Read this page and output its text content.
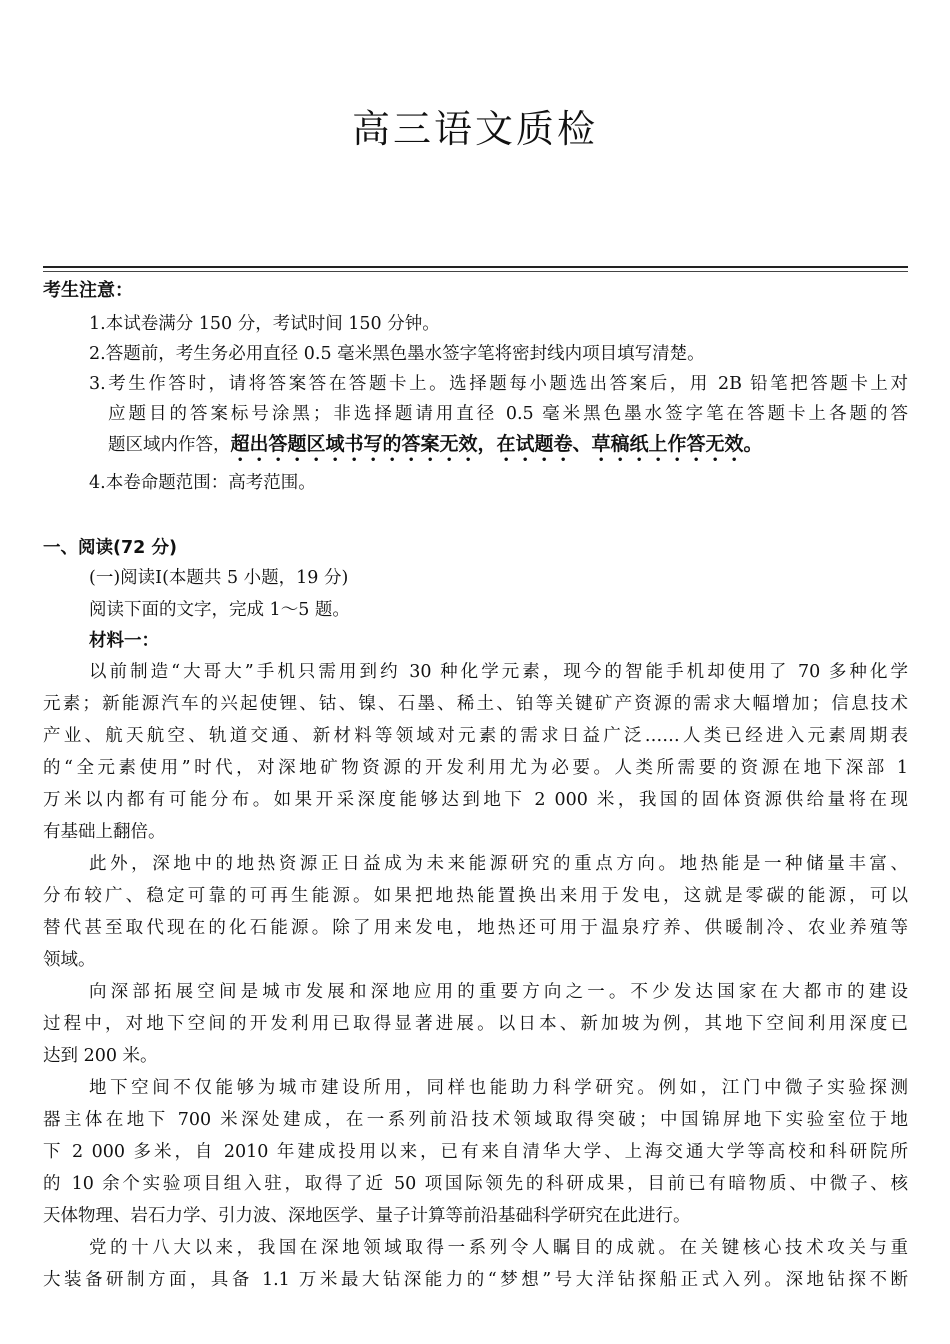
高三语文质检
考生注意：
1.本试卷满分 150 分，考试时间 150 分钟。
2.答题前，考生务必用直径 0.5 毫米黑色墨水签字笔将密封线内项目填写清楚。
3.考生作答时，请将答案答在答题卡上。选择题每小题选出答案后，用 2B 铅笔把答题卡上对
应题目的答案标号涂黑；非选择题请用直径 0.5 毫米黑色墨水签字笔在答题卡上各题的答
题区域内作答，超出答题区域书写的答案无效，在试题卷、草稿纸上作答无效。
4.本卷命题范围：高考范围。
一、阅读(72 分)
(一)阅读Ⅰ(本题共 5 小题，19 分)
阅读下面的文字，完成 1～5 题。
材料一：
以前制造“大哥大”手机只需用到约 30 种化学元素，现今的智能手机却使用了 70 多种化学
元素；新能源汽车的兴起使锂、钴、镍、石墨、稀土、铂等关键矿产资源的需求大幅增加；信息技术
产业、航天航空、轨道交通、新材料等领域对元素的需求日益广泛……人类已经进入元素周期表
的“全元素使用”时代，对深地矿物资源的开发利用尤为必要。人类所需要的资源在地下深部 1
万米以内都有可能分布。如果开采深度能够达到地下 2 000 米，我国的固体资源供给量将在现
有基础上翻倍。
此外，深地中的地热资源正日益成为未来能源研究的重点方向。地热能是一种储量丰富、
分布较广、稳定可靠的可再生能源。如果把地热能置换出来用于发电，这就是零碳的能源，可以
替代甚至取代现在的化石能源。除了用来发电，地热还可用于温泉疗养、供暖制冷、农业养殖等
领域。
向深部拓展空间是城市发展和深地应用的重要方向之一。不少发达国家在大都市的建设
过程中，对地下空间的开发利用已取得显著进展。以日本、新加坡为例，其地下空间利用深度已
达到 200 米。
地下空间不仅能够为城市建设所用，同样也能助力科学研究。例如，江门中微子实验探测
器主体在地下 700 米深处建成，在一系列前沿技术领域取得突破；中国锦屏地下实验室位于地
下 2 000 多米，自 2010 年建成投用以来，已有来自清华大学、上海交通大学等高校和科研院所
的 10 余个实验项目组入驻，取得了近 50 项国际领先的科研成果，目前已有暗物质、中微子、核
天体物理、岩石力学、引力波、深地医学、量子计算等前沿基础科学研究在此进行。
党的十八大以来，我国在深地领域取得一系列令人瞩目的成就。在关键核心技术攻关与重
大装备研制方面，具备 1.1 万米最大钻深能力的“梦想”号大洋钻探船正式入列。深地钻探不断
